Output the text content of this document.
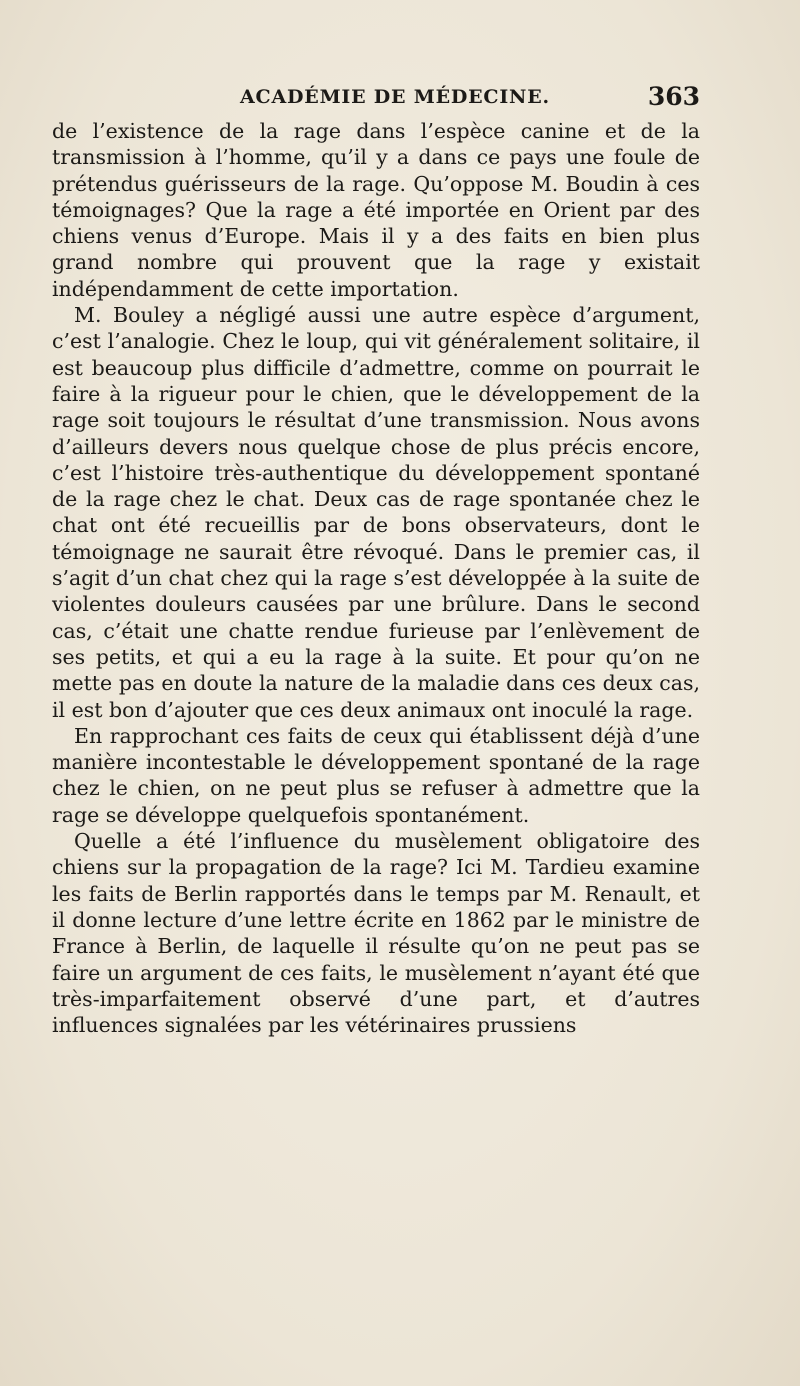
ACADÉMIE DE MÉDECINE.	363

de l’existence de la rage dans l’espèce canine et de la transmission à l’homme, qu’il y a dans ce pays une foule de prétendus guérisseurs de la rage. Qu’oppose M. Boudin à ces témoignages? Que la rage a été importée en Orient par des chiens venus d’Europe. Mais il y a des faits en bien plus grand nombre qui prouvent que la rage y existait indépendamment de cette importation.

M. Bouley a négligé aussi une autre espèce d’argument, c’est l’analogie. Chez le loup, qui vit généralement solitaire, il est beaucoup plus difficile d’admettre, comme on pourrait le faire à la rigueur pour le chien, que le développement de la rage soit toujours le résultat d’une transmission. Nous avons d’ailleurs devers nous quelque chose de plus précis encore, c’est l’histoire très-authentique du développement spontané de la rage chez le chat. Deux cas de rage spontanée chez le chat ont été recueillis par de bons observateurs, dont le témoignage ne saurait être révoqué. Dans le premier cas, il s’agit d’un chat chez qui la rage s’est développée à la suite de violentes douleurs causées par une brûlure. Dans le second cas, c’était une chatte rendue furieuse par l’enlèvement de ses petits, et qui a eu la rage à la suite. Et pour qu’on ne mette pas en doute la nature de la maladie dans ces deux cas, il est bon d’ajouter que ces deux animaux ont inoculé la rage.

En rapprochant ces faits de ceux qui établissent déjà d’une manière incontestable le développement spontané de la rage chez le chien, on ne peut plus se refuser à admettre que la rage se développe quelquefois spontanément.

Quelle a été l’influence du musèlement obligatoire des chiens sur la propagation de la rage? Ici M. Tardieu examine les faits de Berlin rapportés dans le temps par M. Renault, et il donne lecture d’une lettre écrite en 1862 par le ministre de France à Berlin, de laquelle il résulte qu’on ne peut pas se faire un argument de ces faits, le musèlement n’ayant été que très-imparfaitement observé d’une part, et d’autres influences signalées par les vétérinaires prussiens
